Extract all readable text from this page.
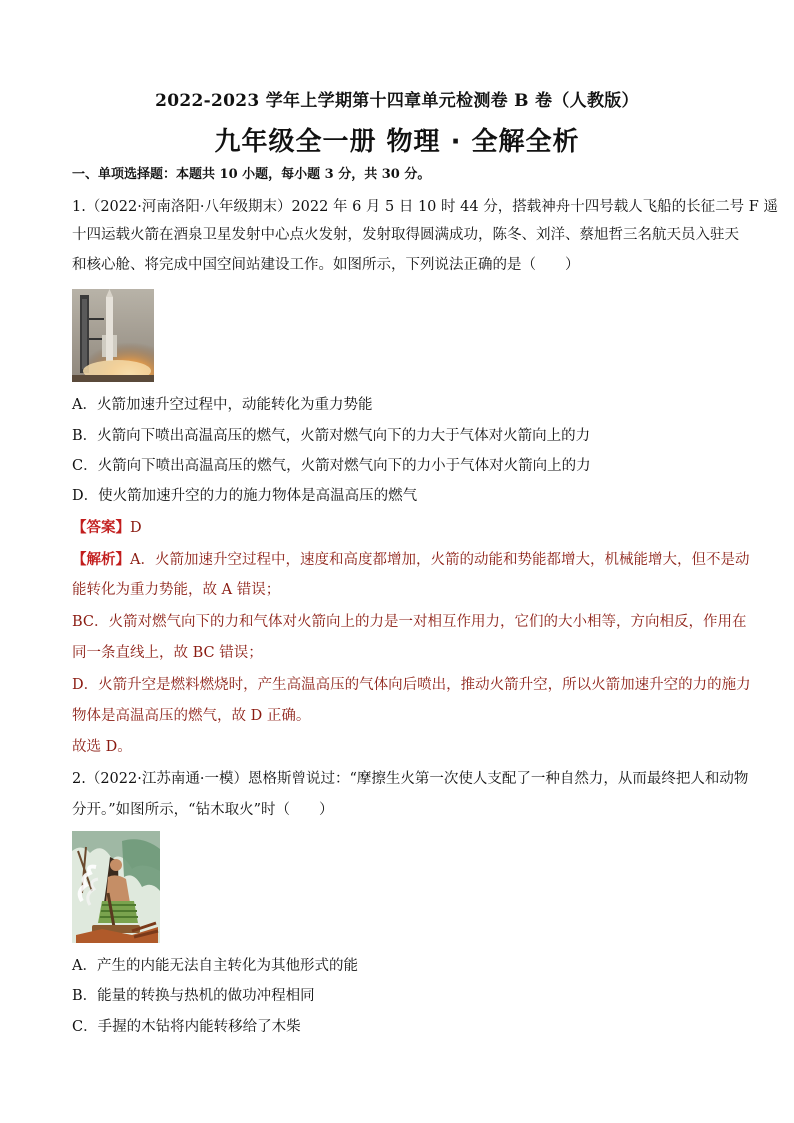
2022-2023 学年上学期第十四章单元检测卷 B 卷（人教版）
九年级全一册 物理 · 全解全析
一、单项选择题：本题共 10 小题，每小题 3 分，共 30 分。
1.（2022·河南洛阳·八年级期末）2022 年 6 月 5 日 10 时 44 分，搭载神舟十四号载人飞船的长征二号 F 遥
十四运载火箭在酒泉卫星发射中心点火发射，发射取得圆满成功，陈冬、刘洋、蔡旭哲三名航天员入驻天
和核心舱、将完成中国空间站建设工作。如图所示，下列说法正确的是（　　）
A．火箭加速升空过程中，动能转化为重力势能
B．火箭向下喷出高温高压的燃气，火箭对燃气向下的力大于气体对火箭向上的力
C．火箭向下喷出高温高压的燃气，火箭对燃气向下的力小于气体对火箭向上的力
D．使火箭加速升空的力的施力物体是高温高压的燃气
【答案】D
【解析】A．火箭加速升空过程中，速度和高度都增加，火箭的动能和势能都增大，机械能增大，但不是动
能转化为重力势能，故 A 错误；
BC．火箭对燃气向下的力和气体对火箭向上的力是一对相互作用力，它们的大小相等，方向相反，作用在
同一条直线上，故 BC 错误；
D．火箭升空是燃料燃烧时，产生高温高压的气体向后喷出，推动火箭升空，所以火箭加速升空的力的施力
物体是高温高压的燃气，故 D 正确。
故选 D。
2.（2022·江苏南通·一模）恩格斯曾说过：“摩擦生火第一次使人支配了一种自然力，从而最终把人和动物
分开。”如图所示，“钻木取火”时（　　）
A．产生的内能无法自主转化为其他形式的能
B．能量的转换与热机的做功冲程相同
C．手握的木钻将内能转移给了木柴
